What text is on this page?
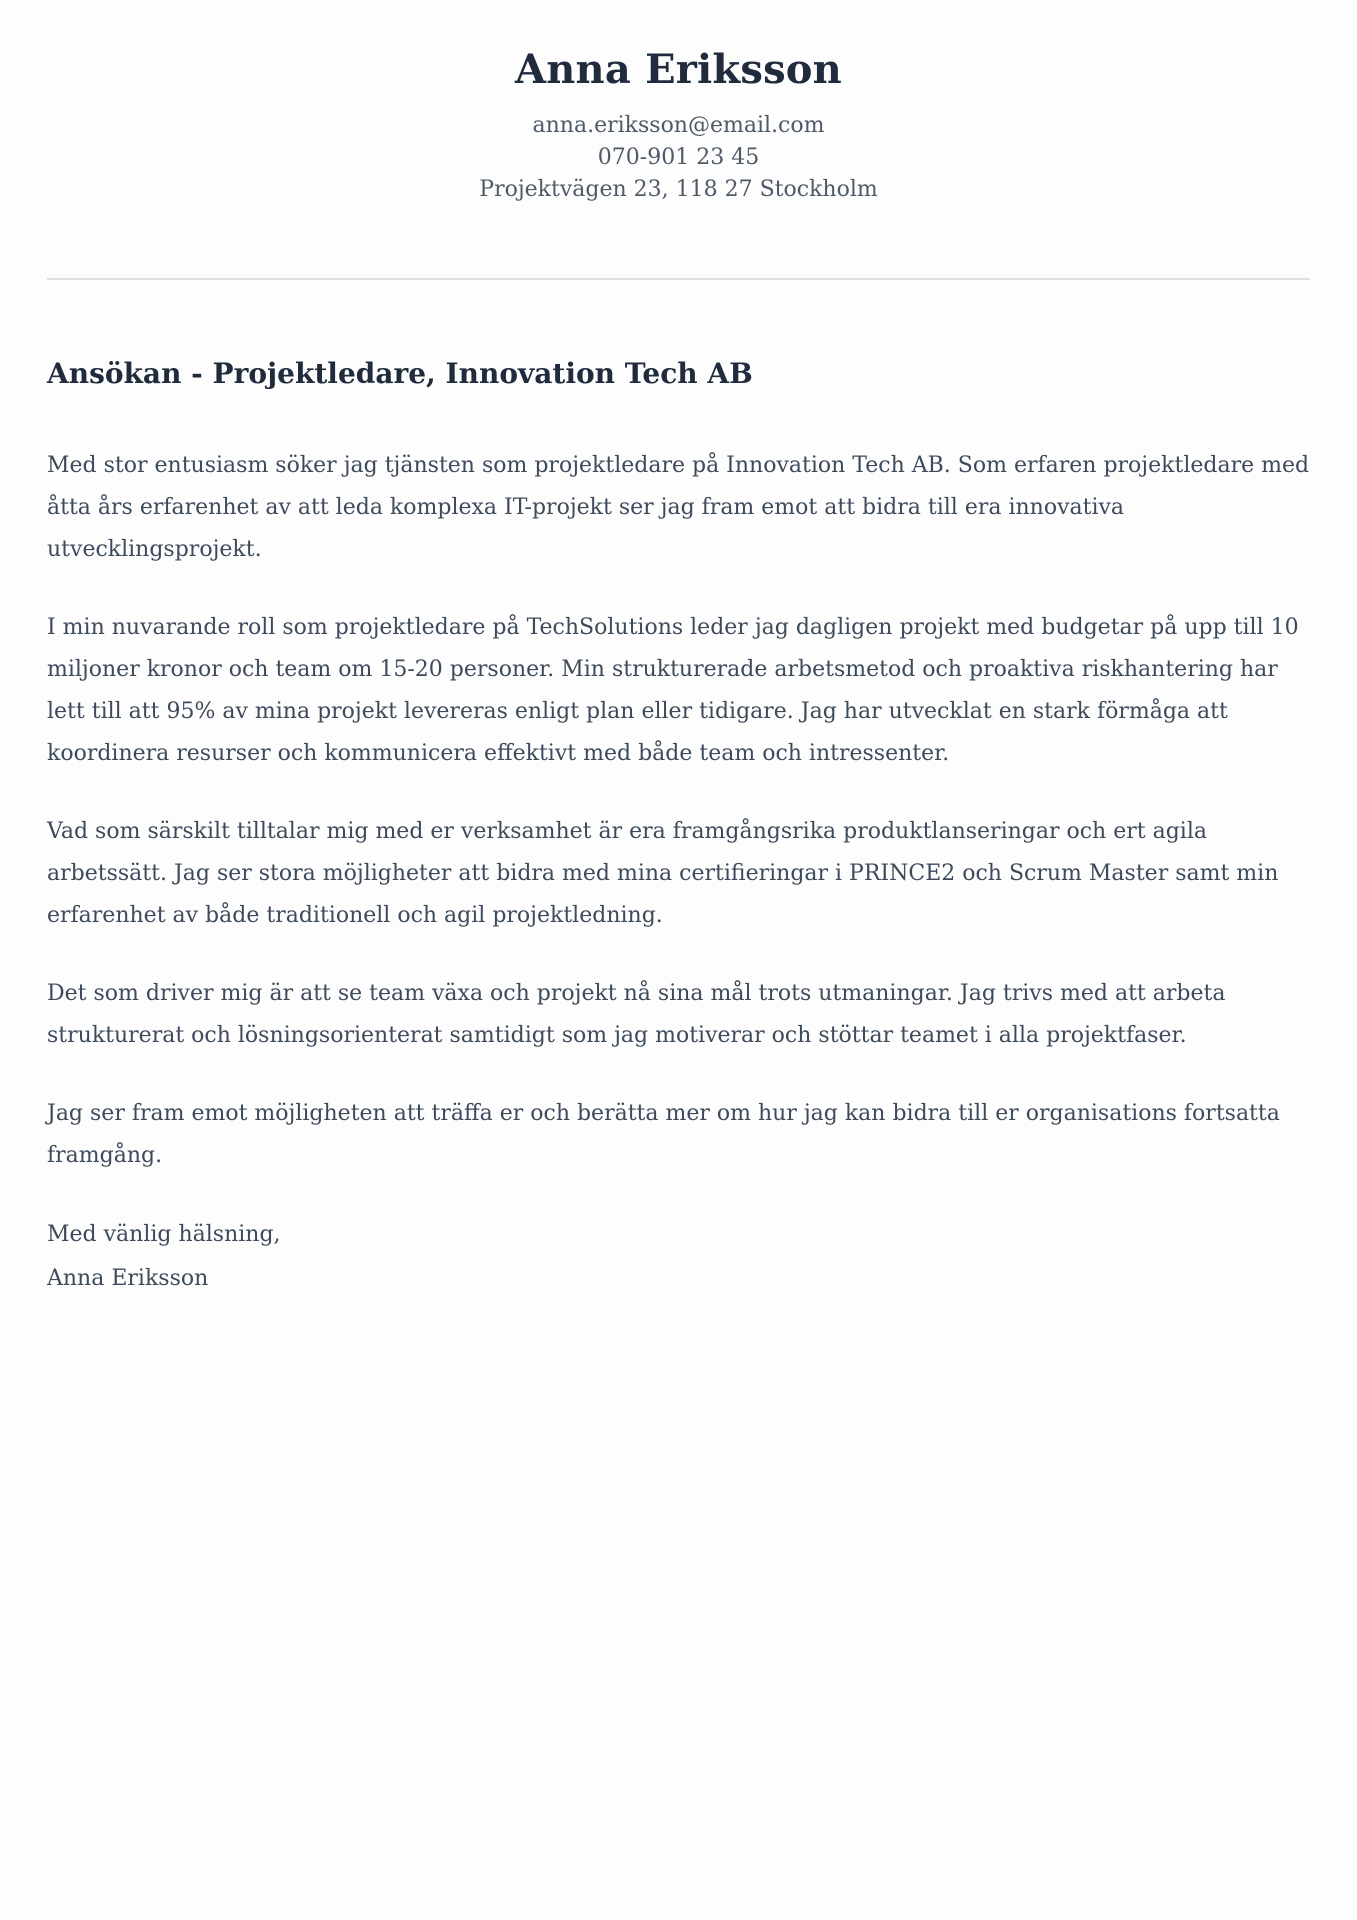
Anna Eriksson
anna.eriksson@email.com
070-901 23 45
Projektvägen 23, 118 27 Stockholm
Ansökan - Projektledare, Innovation Tech AB

Med stor entusiasm söker jag tjänsten som projektledare på Innovation Tech AB. Som erfaren projektledare med åtta års erfarenhet av att leda komplexa IT-projekt ser jag fram emot att bidra till era innovativa utvecklingsprojekt.

I min nuvarande roll som projektledare på TechSolutions leder jag dagligen projekt med budgetar på upp till 10 miljoner kronor och team om 15-20 personer. Min strukturerade arbetsmetod och proaktiva riskhantering har lett till att 95% av mina projekt levereras enligt plan eller tidigare. Jag har utvecklat en stark förmåga att koordinera resurser och kommunicera effektivt med både team och intressenter.

Vad som särskilt tilltalar mig med er verksamhet är era framgångsrika produktlanseringar och ert agila arbetssätt. Jag ser stora möjligheter att bidra med mina certifieringar i PRINCE2 och Scrum Master samt min erfarenhet av både traditionell och agil projektledning.

Det som driver mig är att se team växa och projekt nå sina mål trots utmaningar. Jag trivs med att arbeta strukturerat och lösningsorienterat samtidigt som jag motiverar och stöttar teamet i alla projektfaser.

Jag ser fram emot möjligheten att träffa er och berätta mer om hur jag kan bidra till er organisations fortsatta framgång.

Med vänlig hälsning,
Anna Eriksson
